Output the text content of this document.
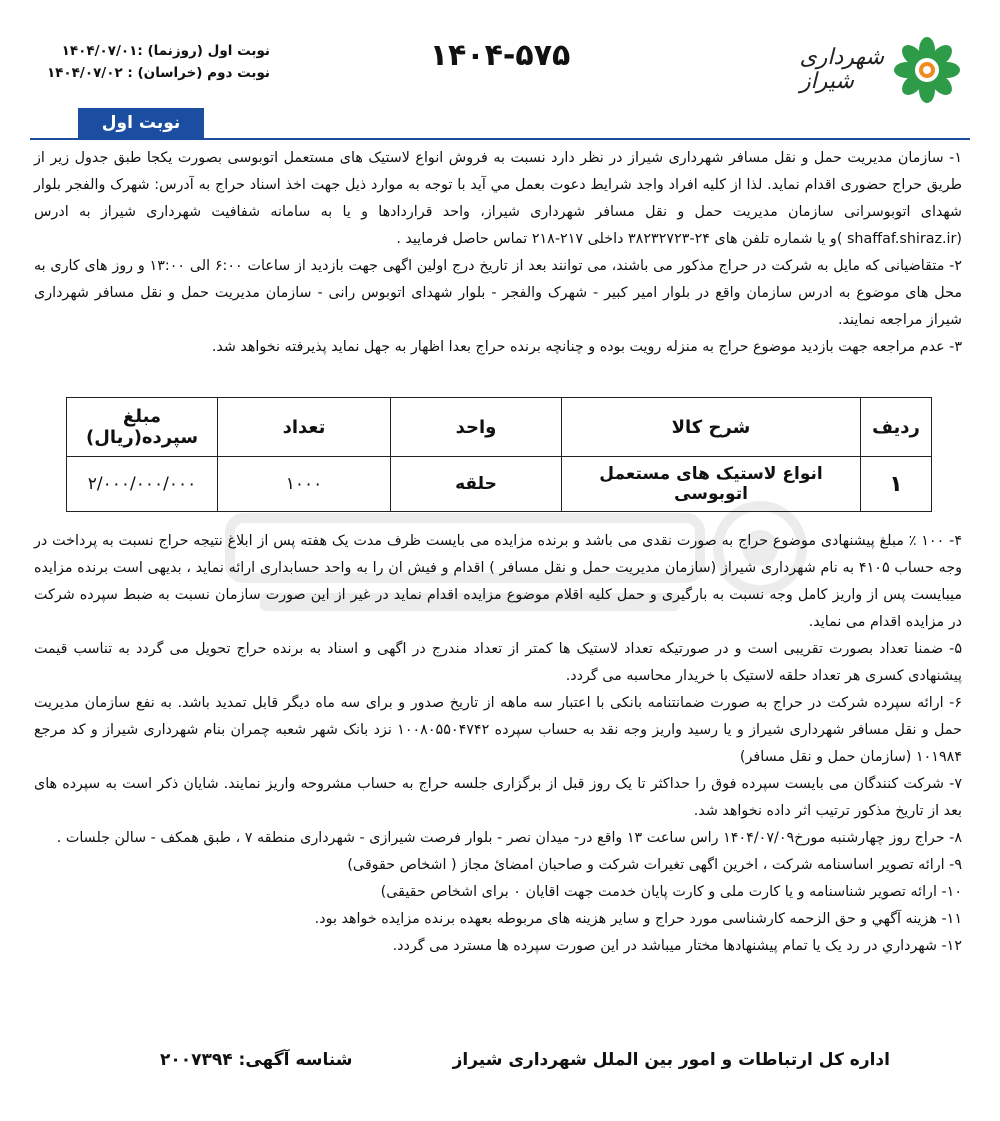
شهرداری
شیراز
۱۴۰۴-۵۷۵
نوبت اول (روزنما) :۱۴۰۴/۰۷/۰۱
نوبت دوم (خراسان) : ۱۴۰۴/۰۷/۰۲
نوبت اول

۱- سازمان مدیریت حمل و نقل مسافر شهرداری شیراز در نظر دارد نسبت به فروش انواع لاستیک های مستعمل اتوبوسی بصورت یکجا طبق جدول زیر از طریق حراج حضوری اقدام نماید. لذا از کلیه افراد واجد شرایط دعوت بعمل مي آید با توجه به موارد ذیل جهت اخذ اسناد حراج به آدرس: شهرک والفجر بلوار شهدای اتوبوسرانی سازمان مدیریت حمل و نقل مسافر شهرداری شیراز، واحد قراردادها و یا به سامانه شفافیت شهرداری شیراز به ادرس (shaffaf.shiraz.ir )و یا شماره تلفن های ۲۴-۳۸۲۳۲۷۲۳ داخلی ۲۱۷-۲۱۸ تماس حاصل فرمایید .

۲- متقاضیانی که مایل به شرکت در حراج مذکور می باشند، می توانند بعد از تاریخ درج اولین اگهی جهت بازدید از ساعات ۶:۰۰ الی ۱۳:۰۰ و روز های کاری به محل های موضوع به ادرس سازمان واقع در بلوار امیر کبیر - شهرک والفجر - بلوار شهدای اتوبوس رانی - سازمان مدیریت حمل و نقل مسافر شهرداری شیراز مراجعه نمایند.

۳- عدم مراجعه جهت بازدید موضوع حراج به منزله رویت بوده و چنانچه برنده حراج بعدا اظهار به جهل نماید پذیرفته نخواهد شد.

ردیف	شرح کالا	واحد	تعداد	مبلغ سپرده(ریال)
۱	انواع لاستیک های مستعمل اتوبوسی	حلقه	۱۰۰۰	۲/۰۰۰/۰۰۰/۰۰۰

۴- ۱۰۰ ٪ مبلغ پیشنهادی موضوع حراج به صورت نقدی می باشد و برنده مزایده می بایست ظرف مدت یک هفته پس از ابلاغ نتیجه حراج نسبت به پرداخت در وجه حساب ۴۱۰۵ به نام شهرداری شیراز (سازمان مدیریت حمل و نقل مسافر ) اقدام و فیش ان را به واحد حسابداری ارائه نماید ، بدیهی است برنده مزایده میبایست پس از واریز کامل وجه نسبت به بارگیری و حمل کلیه اقلام موضوع مزایده اقدام نماید در غیر از این صورت سازمان نسبت به ضبط سپرده شرکت در مزایده اقدام می نماید.

۵- ضمنا تعداد بصورت تقریبی است و در صورتیکه تعداد لاستیک ها کمتر از تعداد مندرج در اگهی و اسناد به برنده حراج تحویل می گردد به تناسب قیمت پیشنهادی کسری هر تعداد حلقه لاستیک با خریدار محاسبه می گردد.

۶- ارائه سپرده شرکت در حراج به صورت ضمانتنامه بانکی با اعتبار سه ماهه از تاریخ صدور و برای سه ماه دیگر قابل تمدید باشد. به نفع سازمان مدیریت حمل و نقل مسافر شهرداری شیراز و یا رسید واریز وجه نقد به حساب سپرده ۱۰۰۸۰۵۵۰۴۷۴۲ نزد بانک شهر شعبه چمران بنام شهرداری شیراز و کد مرجع ۱۰۱۹۸۴ (سازمان حمل و نقل مسافر)

۷- شرکت کنندگان می بایست سپرده فوق را حداکثر تا یک روز قبل از برگزاری جلسه حراج به حساب مشروحه واریز نمایند. شایان ذکر است به سپرده های بعد از تاریخ مذکور ترتیب اثر داده نخواهد شد.

۸- حراج روز چهارشنبه مورخ۱۴۰۴/۰۷/۰۹ راس ساعت ۱۳ واقع در- میدان نصر - بلوار فرصت شیرازی - شهرداری منطقه ۷ ، طبق همکف - سالن جلسات .

۹- ارائه تصویر اساسنامه شرکت ، اخرین اگهی تغیرات شرکت و صاحبان امضائ مجاز ( اشخاص حقوقی)

۱۰- ارائه تصویر شناسنامه و یا کارت ملی و کارت پایان خدمت جهت اقایان ۰ برای اشخاص حقیقی)

۱۱- هزینه آگهي و حق الزحمه کارشناسی مورد حراج و سایر هزینه های مربوطه بعهده برنده مزایده خواهد بود.

۱۲- شهرداري در رد یک یا تمام پیشنهادها مختار میباشد در این صورت سپرده ها مسترد می گردد.

اداره کل ارتباطات و امور بین الملل شهرداری شیراز
شناسه آگهی: ۲۰۰۷۳۹۴
